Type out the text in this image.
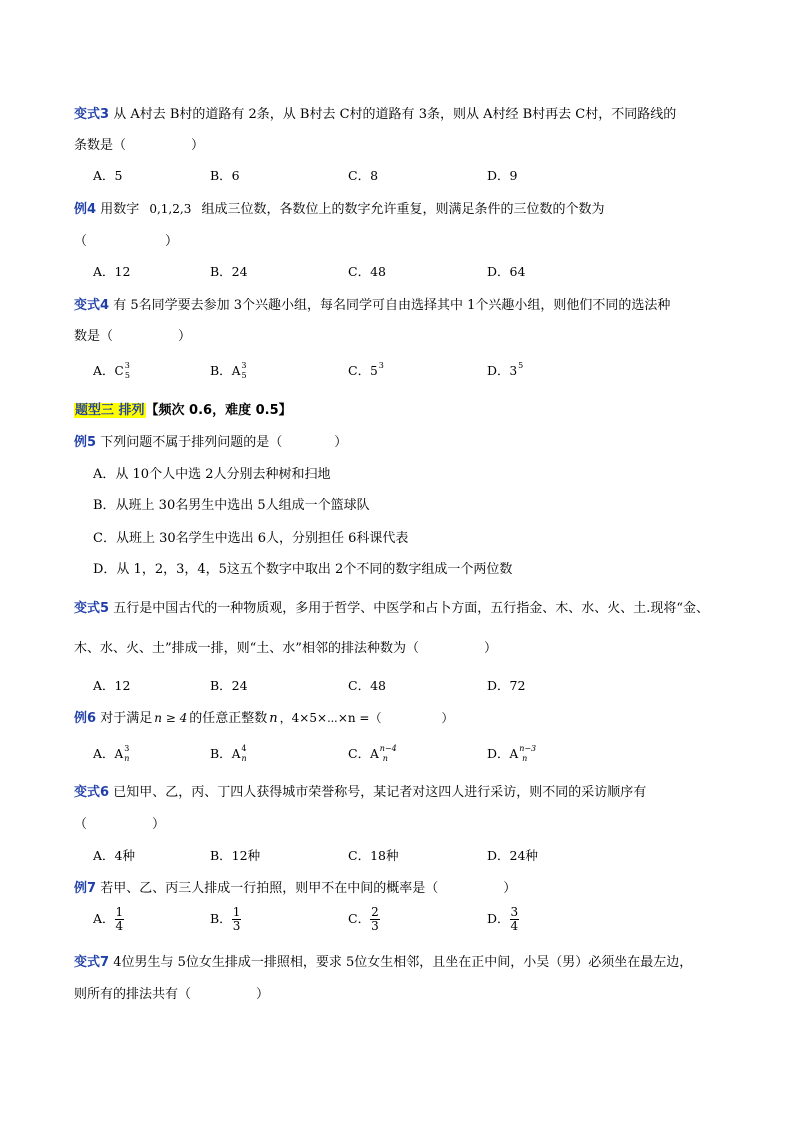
变式3 从 A村去 B村的道路有 2条，从 B村去 C村的道路有 3条，则从 A村经 B村再去 C村，不同路线的
条数是（　　　　　）
A．5	B．6	C．8	D．9
例4 用数字 0,1,2,3 组成三位数，各数位上的数字允许重复，则满足条件的三位数的个数为
（　　　　　　）
A．12	B．24	C．48	D．64
变式4 有 5名同学要去参加 3个兴趣小组，每名同学可自由选择其中 1个兴趣小组，则他们不同的选法种
数是（　　　　　）
A．$C^3_5$	B．$A^3_5$	C．$5^3$	D．$3^5$
题型三 排列【频次 0.6，难度 0.5】
例5 下列问题不属于排列问题的是（　　　　）
A．从 10个人中选 2人分别去种树和扫地
B．从班上 30名男生中选出 5人组成一个篮球队
C．从班上 30名学生中选出 6人，分别担任 6科课代表
D．从 1，2，3，4，5这五个数字中取出 2个不同的数字组成一个两位数
变式5 五行是中国古代的一种物质观，多用于哲学、中医学和占卜方面，五行指金、木、水、火、土.现将“金、
木、水、火、土”排成一排，则“土、水”相邻的排法种数为（　　　　　）
A．12	B．24	C．48	D．72
例6 对于满足 n ≥ 4 的任意正整数 n ，4×5×⋯×n =（　　　　　）
A．$A^3_n$	B．$A^4_n$	C．$A^{n-4}_n$	D．$A^{n-3}_n$
变式6 已知甲、乙，丙、丁四人获得城市荣誉称号，某记者对这四人进行采访，则不同的采访顺序有
（　　　　　）
A．4种	B．12种	C．18种	D．24种
例7 若甲、乙、丙三人排成一行拍照，则甲不在中间的概率是（　　　　　）
A． $\frac{1}{4}$	B． $\frac{1}{3}$	C． $\frac{2}{3}$	D． $\frac{3}{4}$
变式7 4位男生与 5位女生排成一排照相，要求 5位女生相邻，且坐在正中间，小吴（男）必须坐在最左边，
则所有的排法共有（　　　　　）
